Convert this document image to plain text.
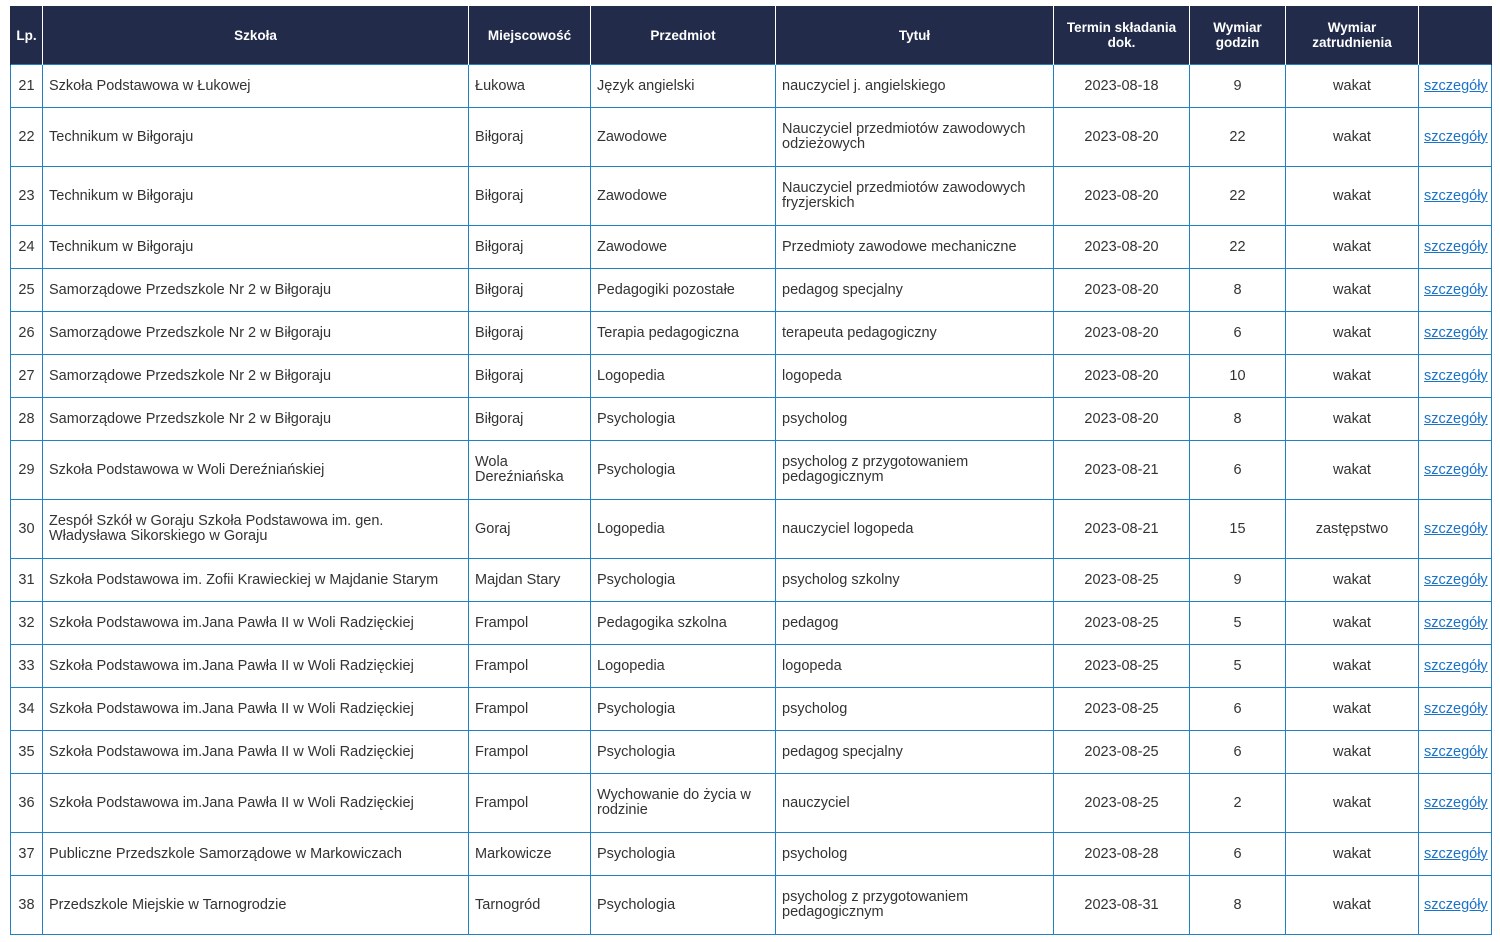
Lp.	Szkoła	Miejscowość	Przedmiot	Tytuł	Termin składania dok.	Wymiar godzin	Wymiar zatrudnienia	
21	Szkoła Podstawowa w Łukowej	Łukowa	Język angielski	nauczyciel j. angielskiego	2023-08-18	9	wakat	szczegóły
22	Technikum w Biłgoraju	Biłgoraj	Zawodowe	Nauczyciel przedmiotów zawodowych odzieżowych	2023-08-20	22	wakat	szczegóły
23	Technikum w Biłgoraju	Biłgoraj	Zawodowe	Nauczyciel przedmiotów zawodowych fryzjerskich	2023-08-20	22	wakat	szczegóły
24	Technikum w Biłgoraju	Biłgoraj	Zawodowe	Przedmioty zawodowe mechaniczne	2023-08-20	22	wakat	szczegóły
25	Samorządowe Przedszkole Nr 2 w Biłgoraju	Biłgoraj	Pedagogiki pozostałe	pedagog specjalny	2023-08-20	8	wakat	szczegóły
26	Samorządowe Przedszkole Nr 2 w Biłgoraju	Biłgoraj	Terapia pedagogiczna	terapeuta pedagogiczny	2023-08-20	6	wakat	szczegóły
27	Samorządowe Przedszkole Nr 2 w Biłgoraju	Biłgoraj	Logopedia	logopeda	2023-08-20	10	wakat	szczegóły
28	Samorządowe Przedszkole Nr 2 w Biłgoraju	Biłgoraj	Psychologia	psycholog	2023-08-20	8	wakat	szczegóły
29	Szkoła Podstawowa w Woli Dereźniańskiej	Wola Dereźniańska	Psychologia	psycholog z przygotowaniem pedagogicznym	2023-08-21	6	wakat	szczegóły
30	Zespół Szkół w Goraju Szkoła Podstawowa im. gen. Władysława Sikorskiego w Goraju	Goraj	Logopedia	nauczyciel logopeda	2023-08-21	15	zastępstwo	szczegóły
31	Szkoła Podstawowa im. Zofii Krawieckiej w Majdanie Starym	Majdan Stary	Psychologia	psycholog szkolny	2023-08-25	9	wakat	szczegóły
32	Szkoła Podstawowa im.Jana Pawła II w Woli Radzięckiej	Frampol	Pedagogika szkolna	pedagog	2023-08-25	5	wakat	szczegóły
33	Szkoła Podstawowa im.Jana Pawła II w Woli Radzięckiej	Frampol	Logopedia	logopeda	2023-08-25	5	wakat	szczegóły
34	Szkoła Podstawowa im.Jana Pawła II w Woli Radzięckiej	Frampol	Psychologia	psycholog	2023-08-25	6	wakat	szczegóły
35	Szkoła Podstawowa im.Jana Pawła II w Woli Radzięckiej	Frampol	Psychologia	pedagog specjalny	2023-08-25	6	wakat	szczegóły
36	Szkoła Podstawowa im.Jana Pawła II w Woli Radzięckiej	Frampol	Wychowanie do życia w rodzinie	nauczyciel	2023-08-25	2	wakat	szczegóły
37	Publiczne Przedszkole Samorządowe w Markowiczach	Markowicze	Psychologia	psycholog	2023-08-28	6	wakat	szczegóły
38	Przedszkole Miejskie w Tarnogrodzie	Tarnogród	Psychologia	psycholog z przygotowaniem pedagogicznym	2023-08-31	8	wakat	szczegóły
